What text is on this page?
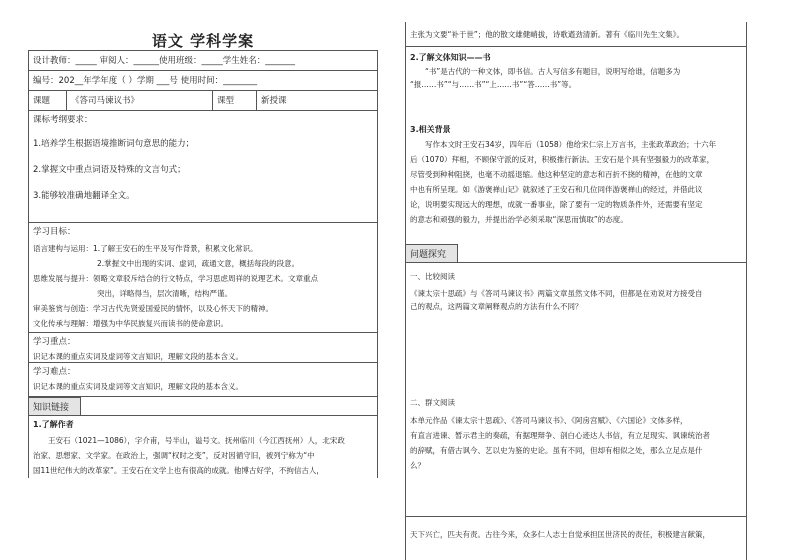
语文 学科学案
设计教师：_____ 审阅人：______使用班级：_____学生姓名：_______
编号：202__年学年度（ ）学期 ___号 使用时间：________
课题	《答司马谏议书》	课型	新授课
课标考纲要求：
1.培养学生根据语境推断词句意思的能力；
2.掌握文中重点词语及特殊的文言句式；
3.能够较准确地翻译全文。
学习目标：
语言建构与运用：1.了解王安石的生平及写作背景，积累文化常识。
2.掌握文中出现的实词、虚词，疏通文意，概括每段的段意。
思维发展与提升：领略文章驳斥结合的行文特点，学习思虑周祥的说理艺术。文章重点
突出，详略得当，层次清晰，结构严谨。
审美鉴赏与创造：学习古代先贤爱国爱民的情怀，以及心怀天下的精神。
文化传承与理解：增强为中华民族复兴而读书的使命意识。
学习重点：
识记本课的重点实词及虚词等文言知识，理解文段的基本含义。
学习难点：
识记本课的重点实词及虚词等文言知识，理解文段的基本含义。
知识链接
1.了解作者
王安石（1021—1086），字介甫，号半山，谥号文。抚州临川（今江西抚州）人，北宋政
治家、思想家、文学家。在政治上，强调“权时之变”，反对因循守旧，被列宁称为“中
国11世纪伟大的改革家”。王安石在文学上也有很高的成就。他博古好学，不拘信古人，
主张为文要“补于世”；他的散文雄健峭拔，诗歌遒劲清新。著有《临川先生文集》。
2.了解文体知识——书
“书”是古代的一种文体，即书信。古人写信多有题目，说明写给谁，信题多为
“报……书”“与……书”“上……书”“答……书”等。
3.相关背景
写作本文时王安石34岁，四年后（1058）他给宋仁宗上万言书，主张政革政治；十六年
后（1070）拜相，不顾保守派的反对，积极推行新法。王安石是个具有坚强毅力的改革家，
尽管受到种种阻挠，也毫不动摇退缩。他这种坚定的意志和百折不挠的精神，在他的文章
中也有所呈现。如《游褒禅山记》就叙述了王安石和几位同伴游褒禅山的经过，并借此议
论，说明要实现远大的理想，成就一番事业，除了要有一定的物质条件外，还需要有坚定
的意志和顽强的毅力，并提出治学必须采取“深思而慎取”的态度。
问题探究
一、比较阅读
《谏太宗十思疏》与《答司马谏议书》两篇文章虽然文体不同，但都是在劝说对方接受自
己的观点，这两篇文章阐释观点的方法有什么不同？
二、群文阅读
本单元作品《谏太宗十思疏》、《答司马谏议书》、《阿房宫赋》、《六国论》文体多样，
有直言进谏、暂示君主的奏疏，有据理辩争、剖白心迹达人书信，有立足现实、讽谏统治者
的辞赋，有借古讽今、艺以史为鉴的史论。虽有不同，但却有相似之处，那么立足点是什
么？
天下兴亡，匹夫有责。古往今来，众多仁人志士自觉承担匡世济民的责任，积极建言献策，
